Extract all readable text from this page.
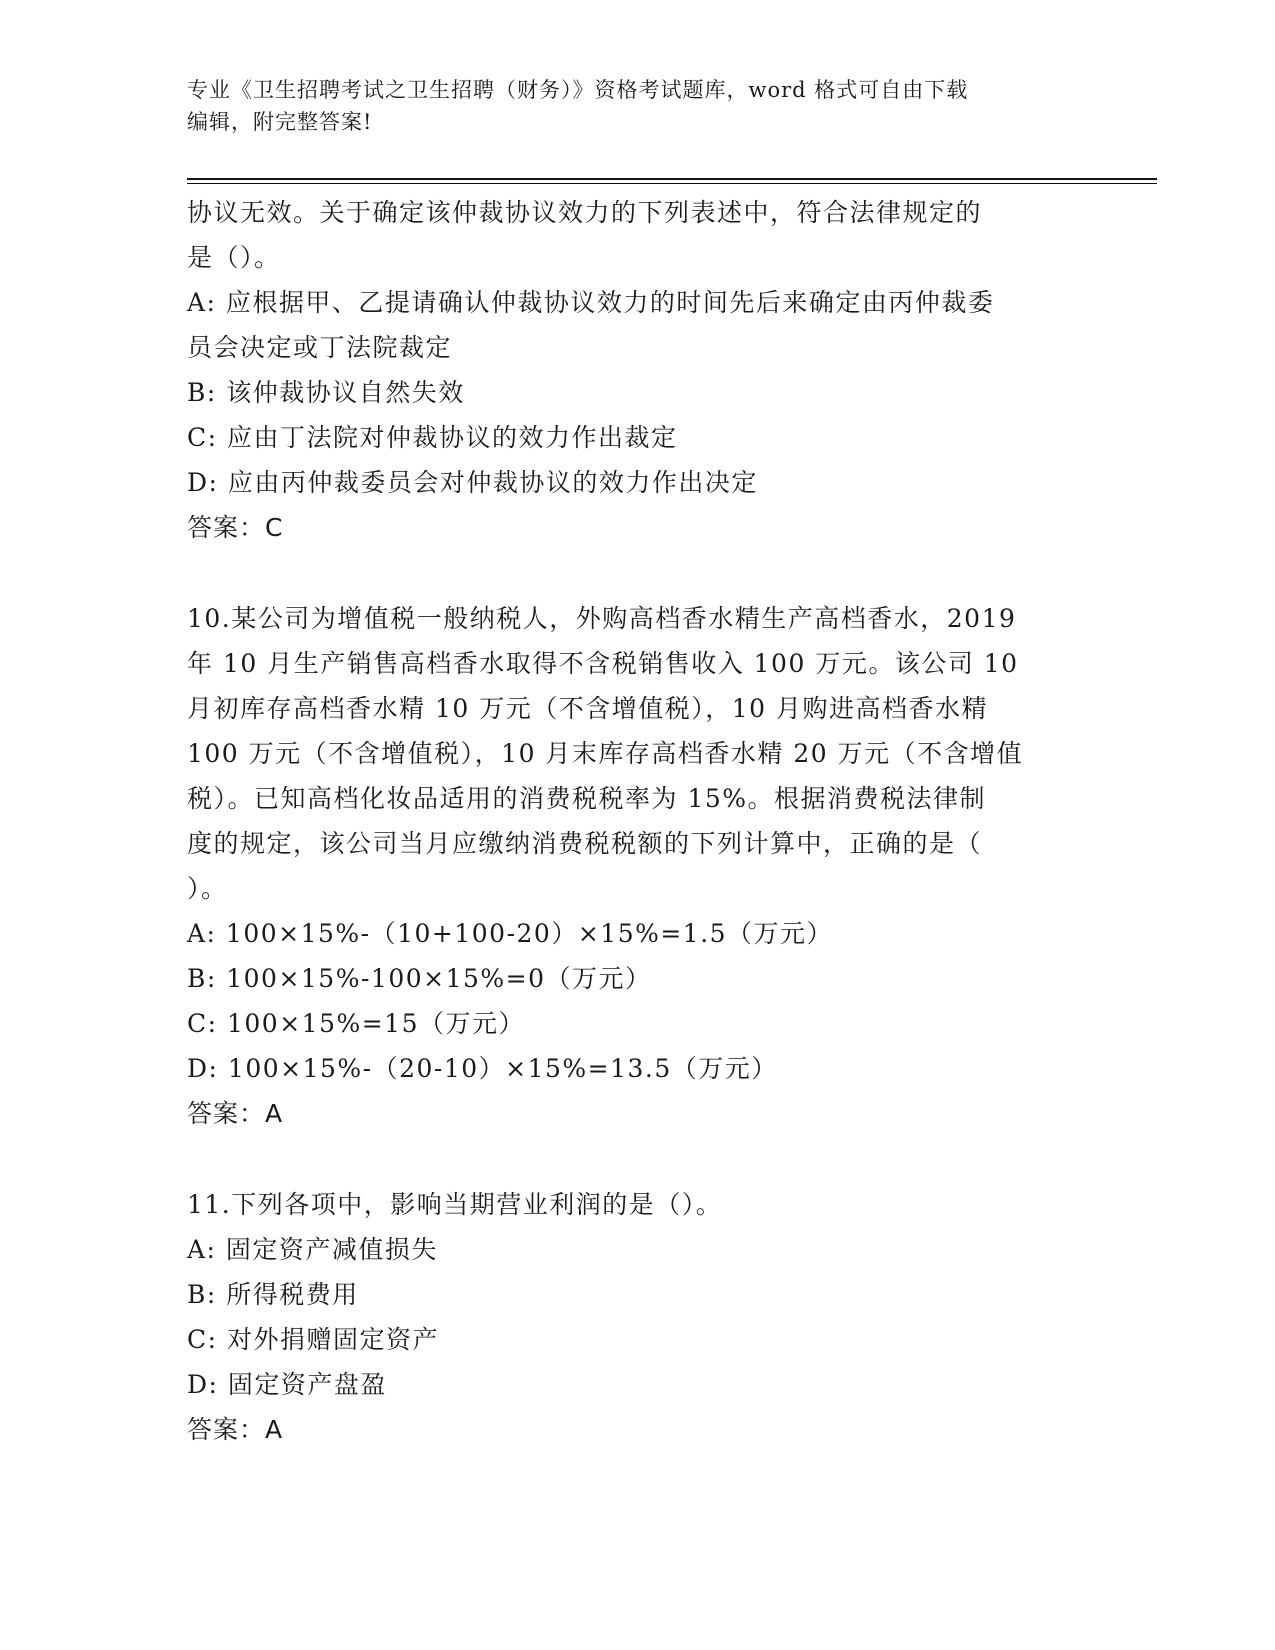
专业《卫生招聘考试之卫生招聘（财务）》资格考试题库，word 格式可自由下载
编辑，附完整答案!

协议无效。关于确定该仲裁协议效力的下列表述中，符合法律规定的

是（）。

A: 应根据甲、乙提请确认仲裁协议效力的时间先后来确定由丙仲裁委

员会决定或丁法院裁定

B: 该仲裁协议自然失效

C: 应由丁法院对仲裁协议的效力作出裁定

D: 应由丙仲裁委员会对仲裁协议的效力作出决定

答案：C

10.某公司为增值税一般纳税人，外购高档香水精生产高档香水，2019

年 10 月生产销售高档香水取得不含税销售收入 100 万元。该公司 10

月初库存高档香水精 10 万元（不含增值税），10 月购进高档香水精

100 万元（不含增值税），10 月末库存高档香水精 20 万元（不含增值

税）。已知高档化妆品适用的消费税税率为 15%。根据消费税法律制

度的规定，该公司当月应缴纳消费税税额的下列计算中，正确的是（

）。

A: 100×15%-（10+100-20）×15%=1.5（万元）

B: 100×15%-100×15%=0（万元）

C: 100×15%=15（万元）

D: 100×15%-（20-10）×15%=13.5（万元）

答案：A

11.下列各项中，影响当期营业利润的是（）。

A: 固定资产减值损失

B: 所得税费用

C: 对外捐赠固定资产

D: 固定资产盘盈

答案：A
